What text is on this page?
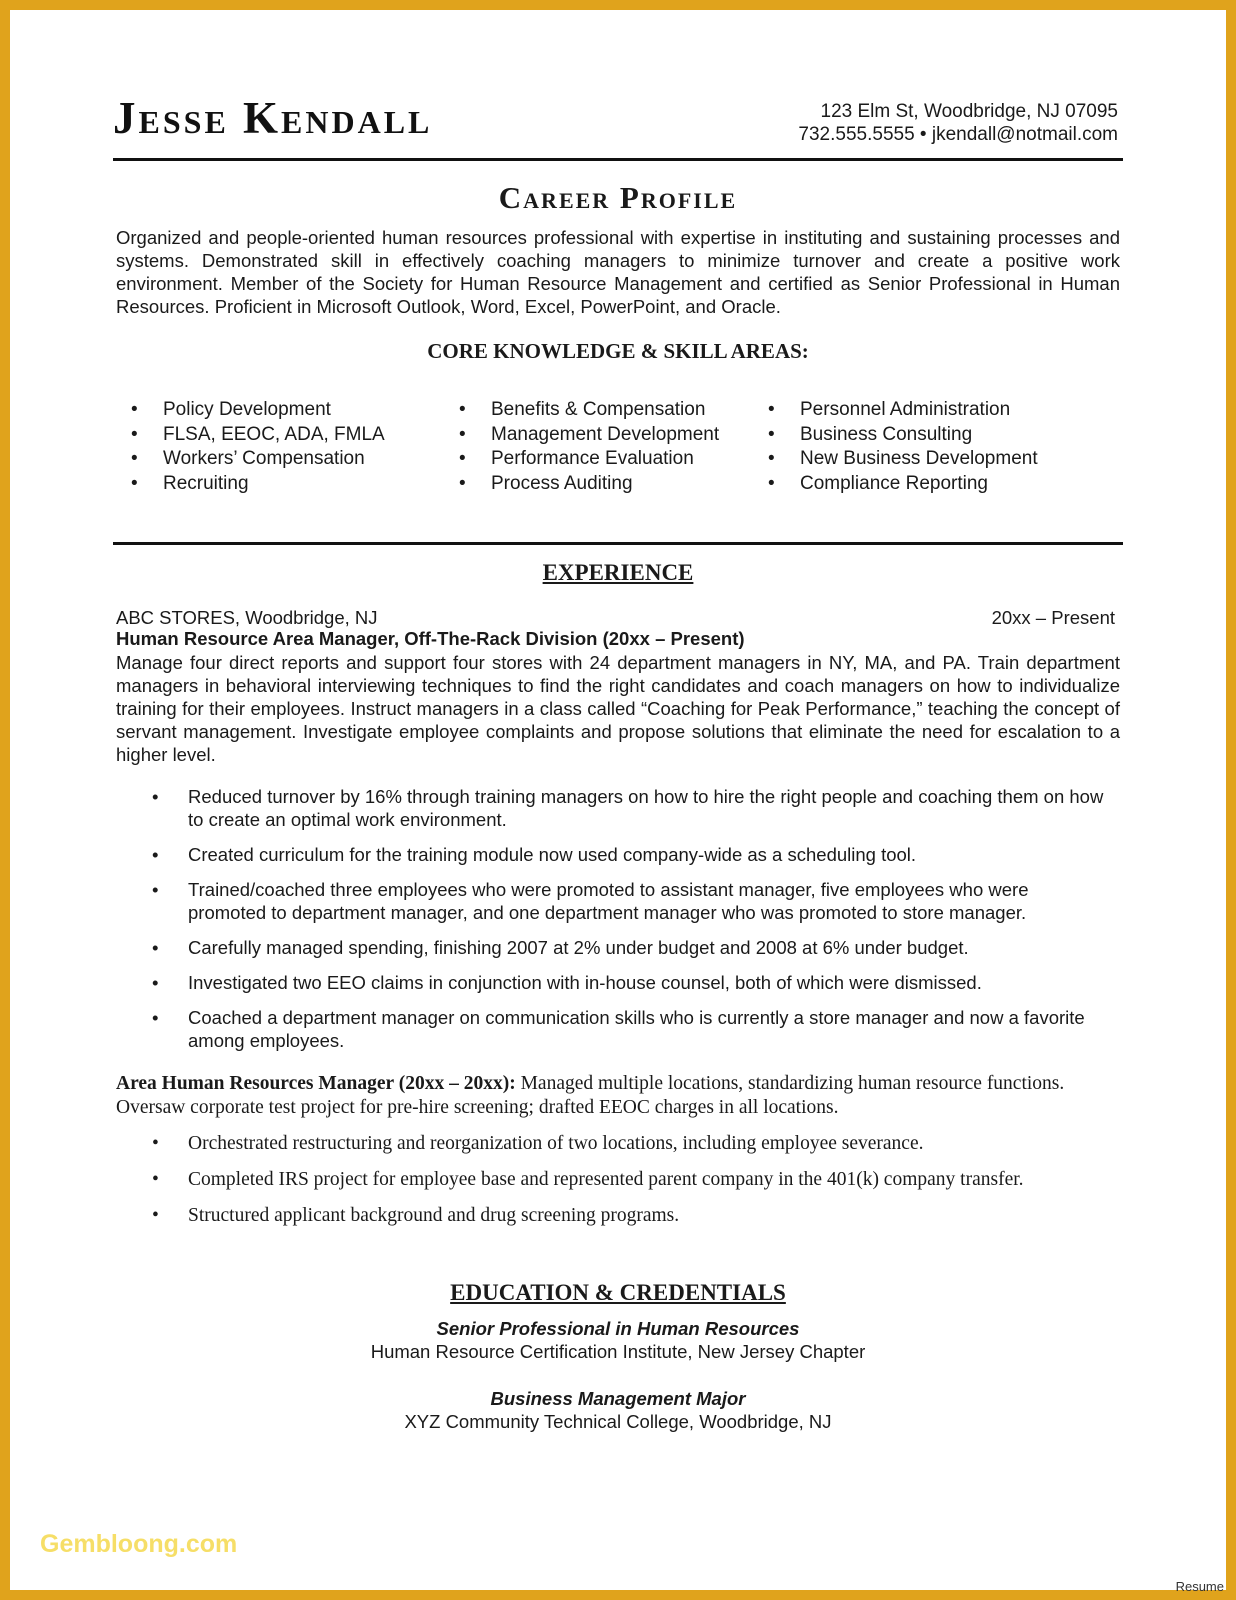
Jesse Kendall	123 Elm St, Woodbridge, NJ 07095
732.555.5555 • jkendall@notmail.com
Career Profile
Organized and people-oriented human resources professional with expertise in instituting and sustaining processes and systems. Demonstrated skill in effectively coaching managers to minimize turnover and create a positive work environment. Member of the Society for Human Resource Management and certified as Senior Professional in Human Resources. Proficient in Microsoft Outlook, Word, Excel, PowerPoint, and Oracle.
CORE KNOWLEDGE & SKILL AREAS:
• Policy Development
• FLSA, EEOC, ADA, FMLA
• Workers’ Compensation
• Recruiting
• Benefits & Compensation
• Management Development
• Performance Evaluation
• Process Auditing
• Personnel Administration
• Business Consulting
• New Business Development
• Compliance Reporting
EXPERIENCE
ABC STORES, Woodbridge, NJ	20xx – Present
Human Resource Area Manager, Off-The-Rack Division (20xx – Present)
Manage four direct reports and support four stores with 24 department managers in NY, MA, and PA. Train department managers in behavioral interviewing techniques to find the right candidates and coach managers on how to individualize training for their employees. Instruct managers in a class called “Coaching for Peak Performance,” teaching the concept of servant management. Investigate employee complaints and propose solutions that eliminate the need for escalation to a higher level.
• Reduced turnover by 16% through training managers on how to hire the right people and coaching them on how to create an optimal work environment.
• Created curriculum for the training module now used company-wide as a scheduling tool.
• Trained/coached three employees who were promoted to assistant manager, five employees who were promoted to department manager, and one department manager who was promoted to store manager.
• Carefully managed spending, finishing 2007 at 2% under budget and 2008 at 6% under budget.
• Investigated two EEO claims in conjunction with in-house counsel, both of which were dismissed.
• Coached a department manager on communication skills who is currently a store manager and now a favorite among employees.
Area Human Resources Manager (20xx – 20xx): Managed multiple locations, standardizing human resource functions. Oversaw corporate test project for pre-hire screening; drafted EEOC charges in all locations.
• Orchestrated restructuring and reorganization of two locations, including employee severance.
• Completed IRS project for employee base and represented parent company in the 401(k) company transfer.
• Structured applicant background and drug screening programs.
EDUCATION & CREDENTIALS
Senior Professional in Human Resources
Human Resource Certification Institute, New Jersey Chapter
Business Management Major
XYZ Community Technical College, Woodbridge, NJ
Gembloong.com
Resume
